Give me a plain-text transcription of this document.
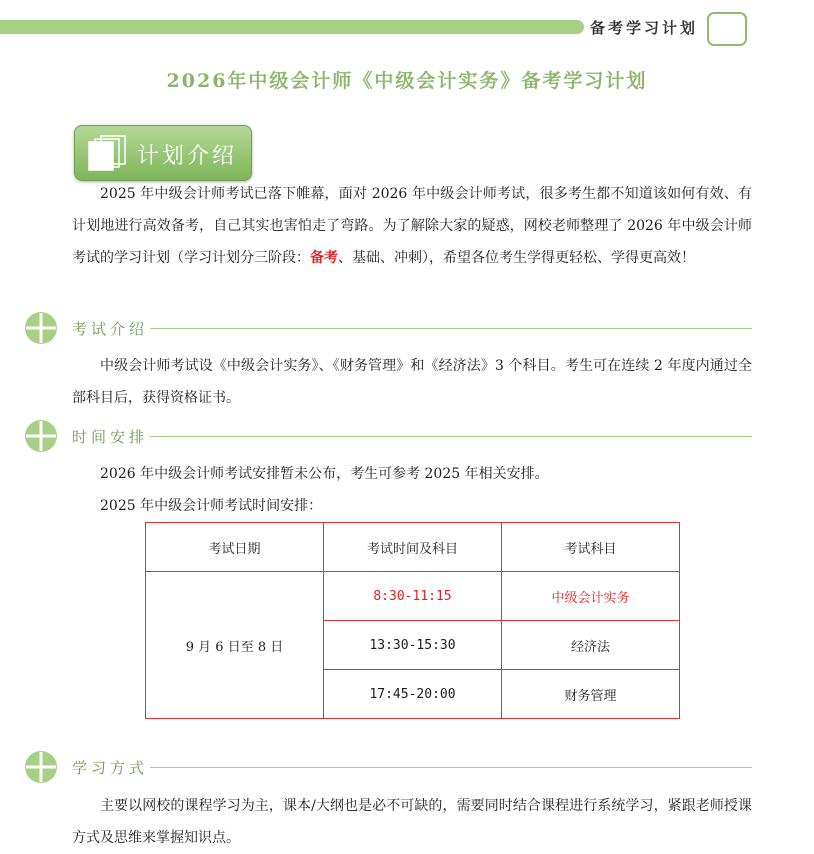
备考学习计划
2026年中级会计师《中级会计实务》备考学习计划
计划介绍

2025 年中级会计师考试已落下帷幕，面对 2026 年中级会计师考试，很多考生都不知道该如何有效、有计划地进行高效备考，自己其实也害怕走了弯路。为了解除大家的疑惑，网校老师整理了 2026 年中级会计师考试的学习计划（学习计划分三阶段：备考、基础、冲刺），希望各位考生学得更轻松、学得更高效！

考试介绍

中级会计师考试设《中级会计实务》、《财务管理》和《经济法》3 个科目。考生可在连续 2 年度内通过全部科目后，获得资格证书。

时间安排

2026 年中级会计师考试安排暂未公布，考生可参考 2025 年相关安排。

2025 年中级会计师考试时间安排：

考试日期	考试时间及科目	考试科目
9 月 6 日至 8 日	8:30-11:15	中级会计实务
	13:30-15:30	经济法
	17:45-20:00	财务管理
学习方式

主要以网校的课程学习为主，课本/大纲也是必不可缺的，需要同时结合课程进行系统学习，紧跟老师授课方式及思维来掌握知识点。
